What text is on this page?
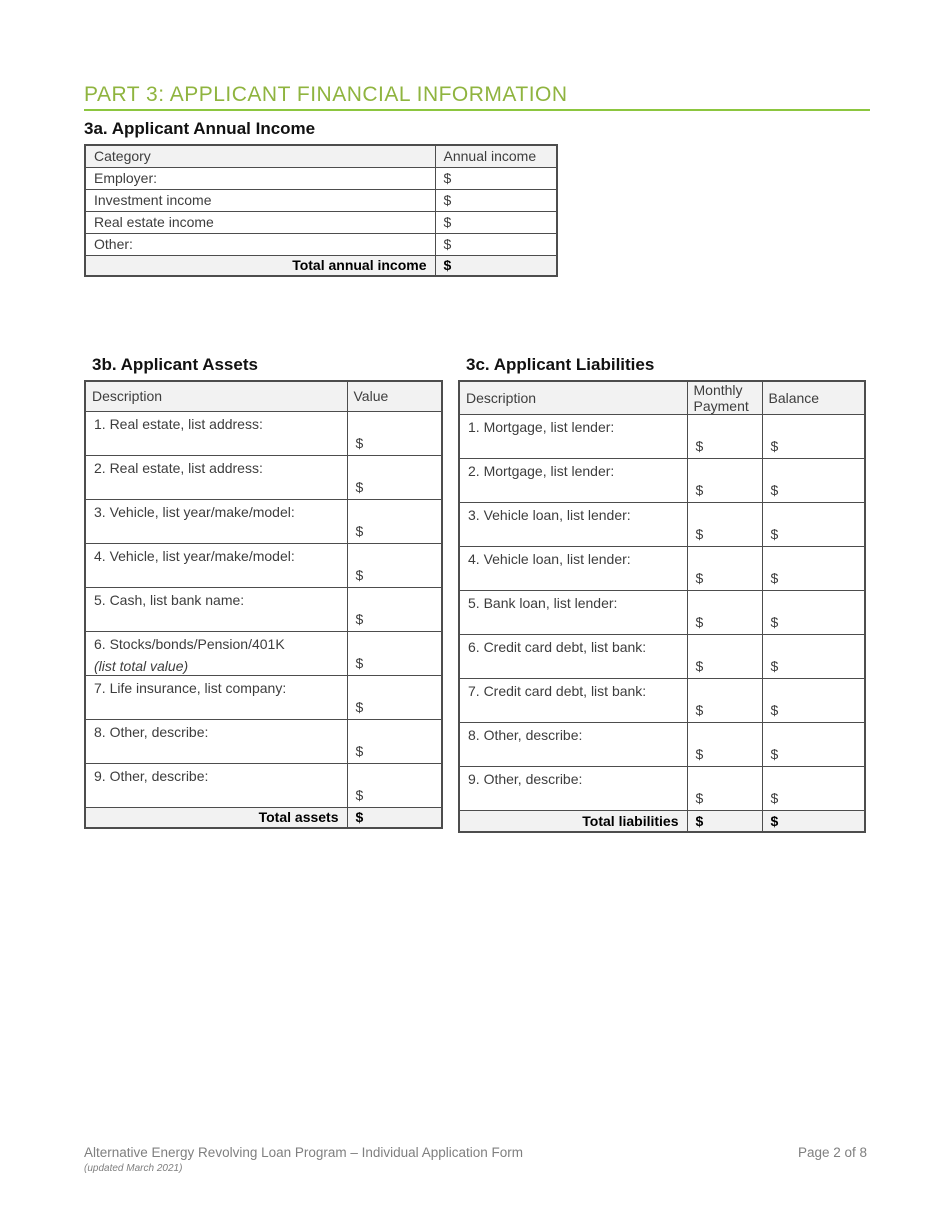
PART 3: APPLICANT FINANCIAL INFORMATION
3a. Applicant Annual Income
Category	Annual income
Employer:	$
Investment income	$
Real estate income	$
Other:	$
Total annual income	$
3b. Applicant Assets
Description	Value
1. Real estate, list address:	$
2. Real estate, list address:	$
3. Vehicle, list year/make/model:	$
4. Vehicle, list year/make/model:	$
5. Cash, list bank name:	$

6. Stocks/bonds/Pension/401K
(list total value)	$
7. Life insurance, list company:	$
8. Other, describe:	$
9. Other, describe:	$
Total assets	$
3c. Applicant Liabilities
Description	Monthly Payment	Balance
1. Mortgage, list lender:	$	$
2. Mortgage, list lender:	$	$
3. Vehicle loan, list lender:	$	$
4. Vehicle loan, list lender:	$	$
5. Bank loan, list lender:	$	$
6. Credit card debt, list bank:	$	$
7. Credit card debt, list bank:	$	$
8. Other, describe:	$	$
9. Other, describe:	$	$
Total liabilities	$	$
Alternative Energy Revolving Loan Program – Individual Application Form
(updated March 2021)
Page 2 of 8
